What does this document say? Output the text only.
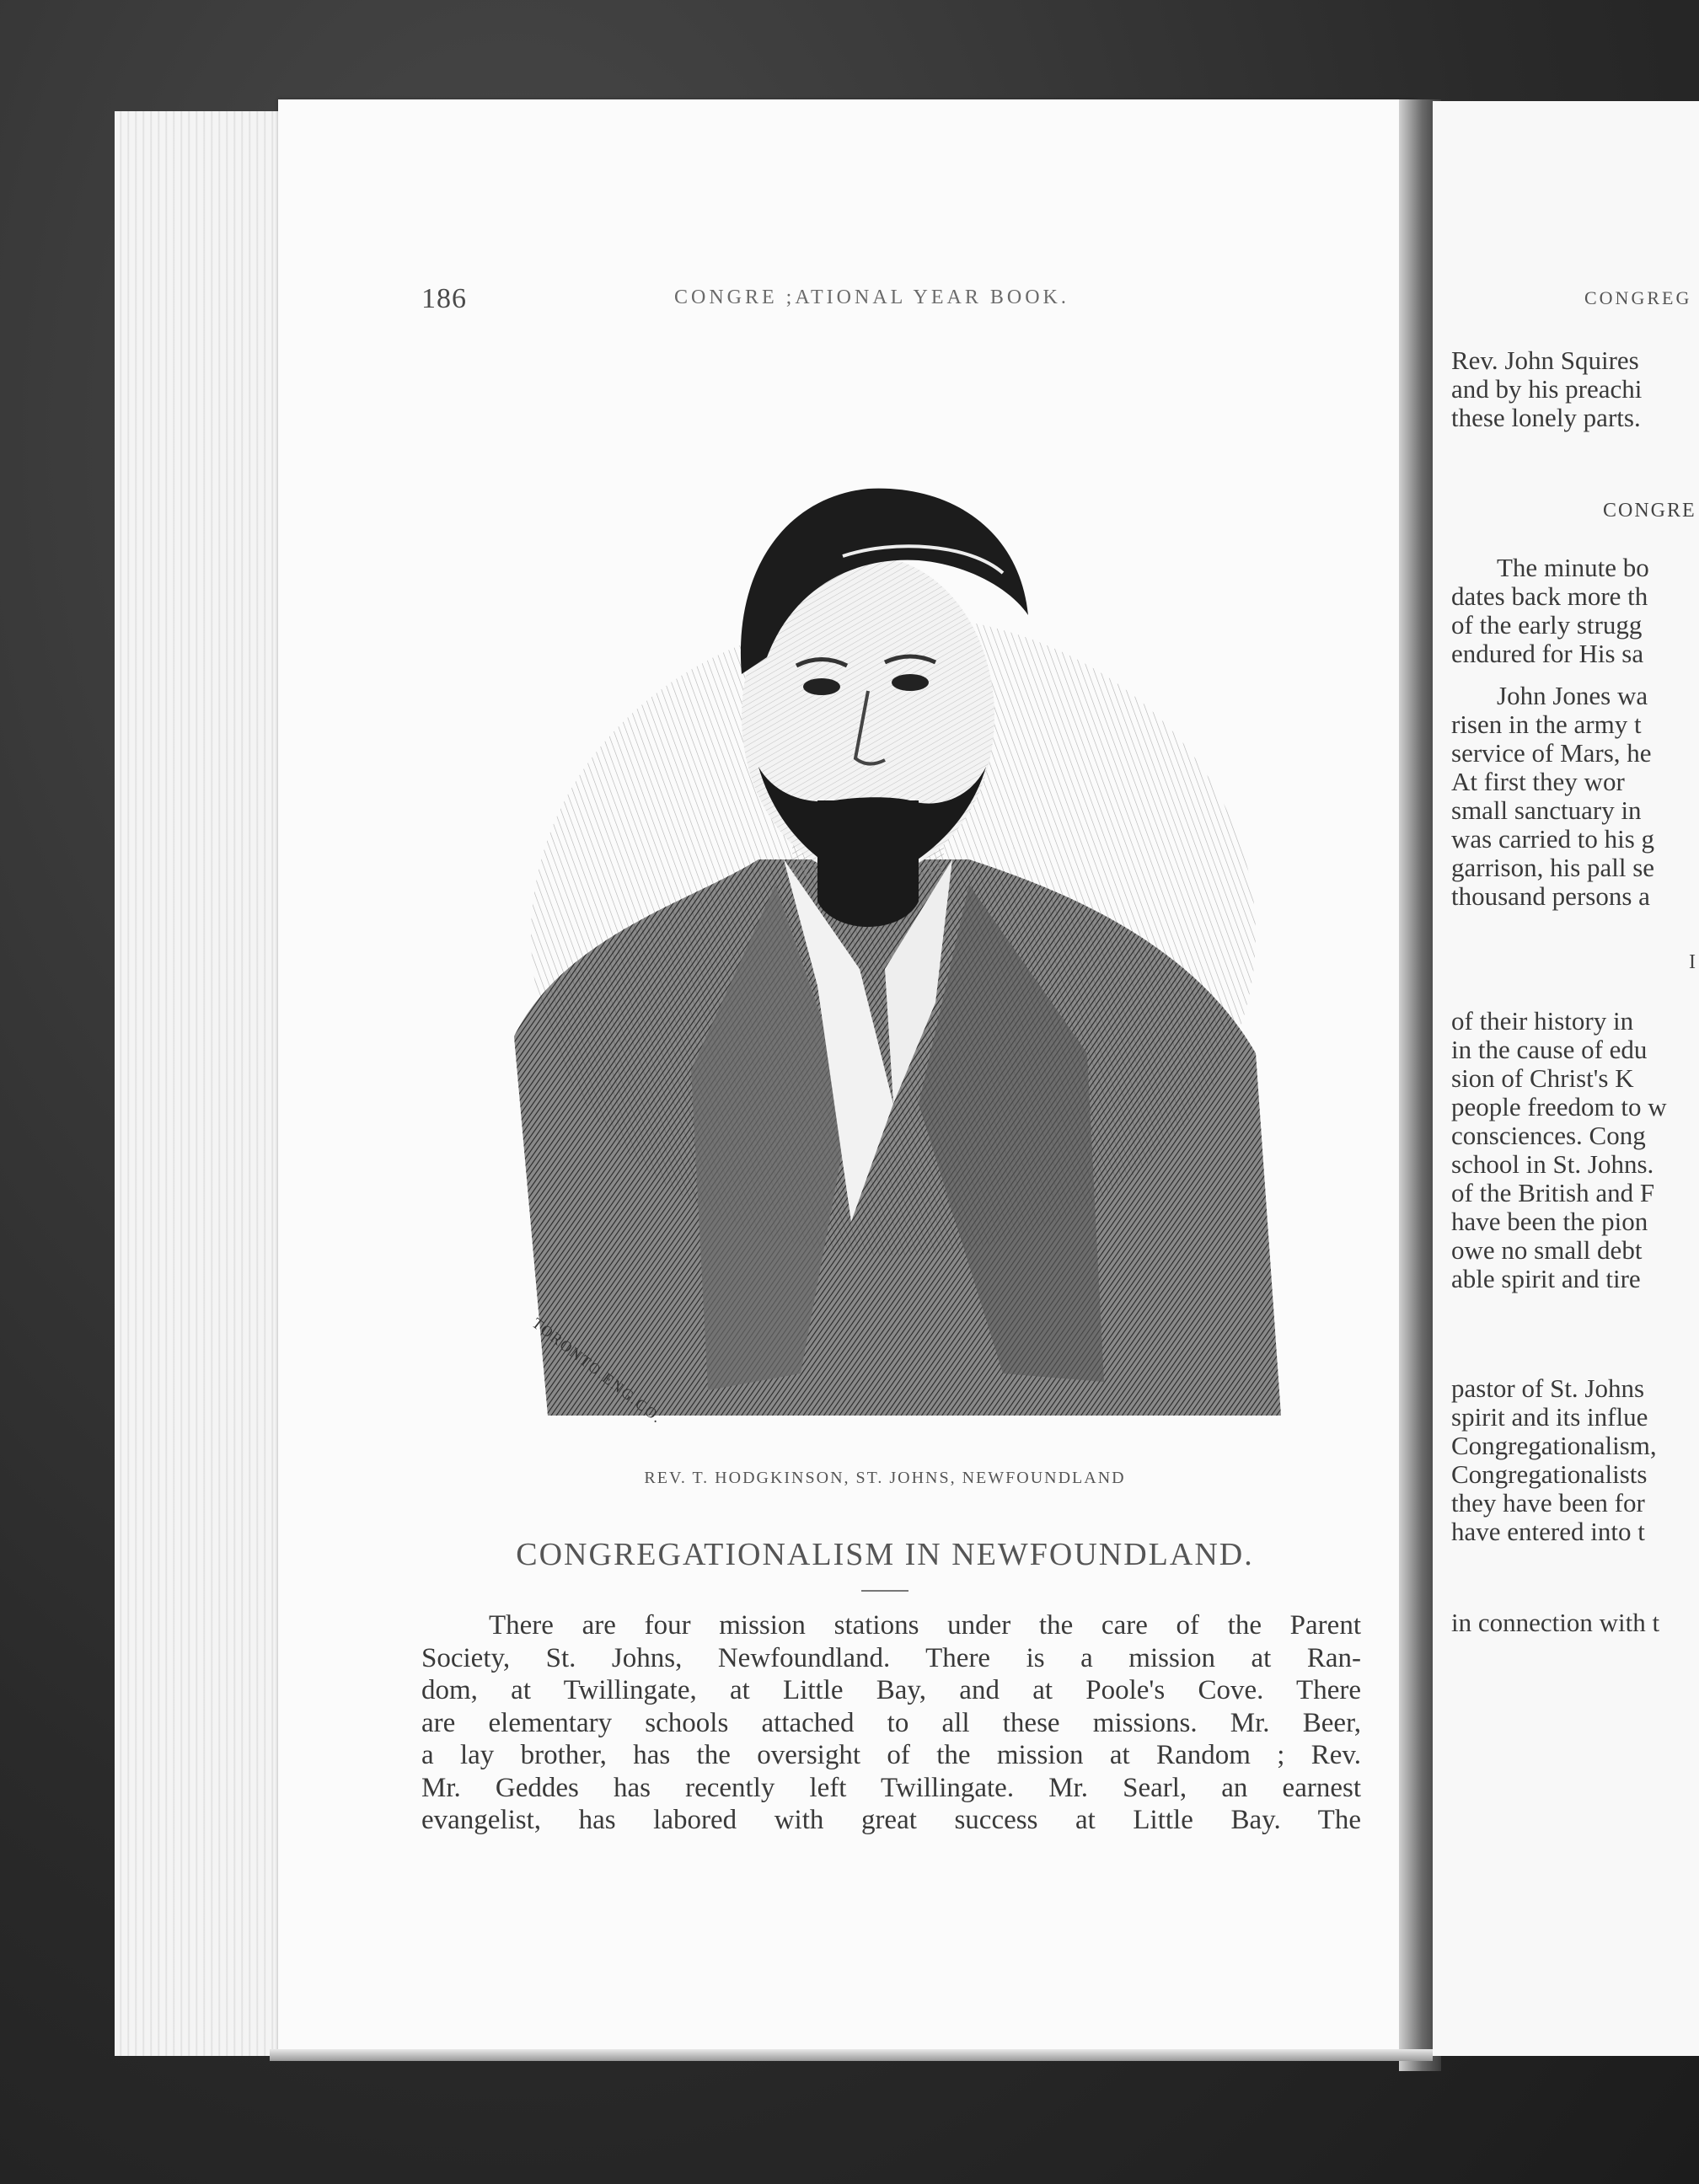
186	CONGRE ;ATIONAL YEAR BOOK.
TORONTO.ENG.CO.
REV. T. HODGKINSON, ST. JOHNS, NEWFOUNDLAND
CONGREGATIONALISM IN NEWFOUNDLAND.
There are four mission stations under the care of the Parent
Society, St. Johns, Newfoundland. There is a mission at Ran-
dom, at Twillingate, at Little Bay, and at Poole's Cove. There
are elementary schools attached to all these missions. Mr. Beer,
a lay brother, has the oversight of the mission at Random ; Rev.
Mr. Geddes has recently left Twillingate. Mr. Searl, an earnest
evangelist, has labored with great success at Little Bay. The
CONGREG
Rev. John Squires
and by his preachi
these lonely parts.
CONGRE
The minute bo
dates back more th
of the early strugg
endured for His sa
John Jones wa
risen in the army t
service of Mars, he
At first they wor
small sanctuary in
was carried to his g
garrison, his pall se
thousand persons a
I
of their history in
in the cause of edu
sion of Christ's K
people freedom to w
consciences. Cong
school in St. Johns.
of the British and F
have been the pion
owe no small debt
able spirit and tire
pastor of St. Johns
spirit and its influe
Congregationalism,
Congregationalists
they have been for
have entered into t
in connection with t
